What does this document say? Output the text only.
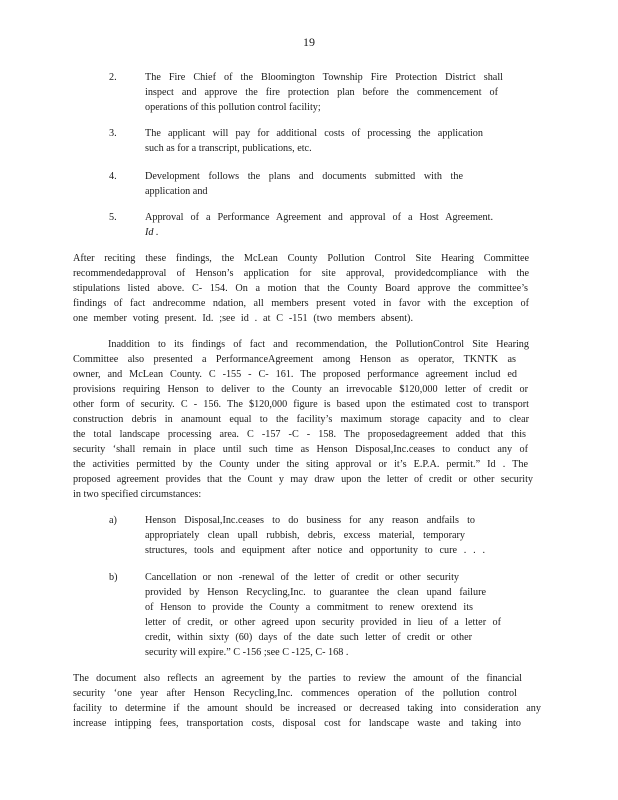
19
2.	The Fire Chief of the Bloomington Township Fire Protection District shall
inspect and approve the fire protection plan before the commencement of
operations of this pollution control facility;
3.	The applicant will pay for additional costs of processing the application
such as for a transcript, publications, etc.
4.	Development follows the plans and documents submitted with the
application and
5.	Approval of a Performance Agreement and approval of a Host Agreement.
Id .
After reciting these findings, the McLean County Pollution Control Site Hearing Committee
recommendedapproval of Henson’s application for site approval, providedcompliance with the
stipulations listed above. C- 154. On a motion that the County Board approve the committee’s
findings of fact andrecomme ndation, all members present voted in favor with the exception of
one member voting present. Id. ;see id . at C -151 (two members absent).
Inaddition to its findings of fact and recommendation, the PollutionControl Site Hearing
Committee also presented a PerformanceAgreement among Henson as operator, TKNTK as
owner, and McLean County. C -155 - C- 161. The proposed performance agreement includ ed
provisions requiring Henson to deliver to the County an irrevocable $120,000 letter of credit or
other form of security. C - 156. The $120,000 figure is based upon the estimated cost to transport
construction debris in anamount equal to the facility’s maximum storage capacity and to clear
the total landscape processing area. C -157 -C - 158. The proposedagreement added that this
security ‘shall remain in place until such time as Henson Disposal,Inc.ceases to conduct any of
the activities permitted by the County under the siting approval or it’s E.P.A. permit.” Id . The
proposed agreement provides that the Count y may draw upon the letter of credit or other security
in two specified circumstances:
a)	Henson Disposal,Inc.ceases to do business for any reason andfails to
appropriately clean upall rubbish, debris, excess material, temporary
structures, tools and equipment after notice and opportunity to cure . . .
b)	Cancellation or non -renewal of the letter of credit or other security
provided by Henson Recycling,Inc. to guarantee the clean upand failure
of Henson to provide the County a commitment to renew orextend its
letter of credit, or other agreed upon security provided in lieu of a letter of
credit, within sixty (60) days of the date such letter of credit or other
security will expire.” C -156 ;see C -125, C- 168 .
The document also reflects an agreement by the parties to review the amount of the financial
security ‘one year after Henson Recycling,Inc. commences operation of the pollution control
facility to determine if the amount should be increased or decreased taking into consideration any
increase intipping fees, transportation costs, disposal cost for landscape waste and taking into
